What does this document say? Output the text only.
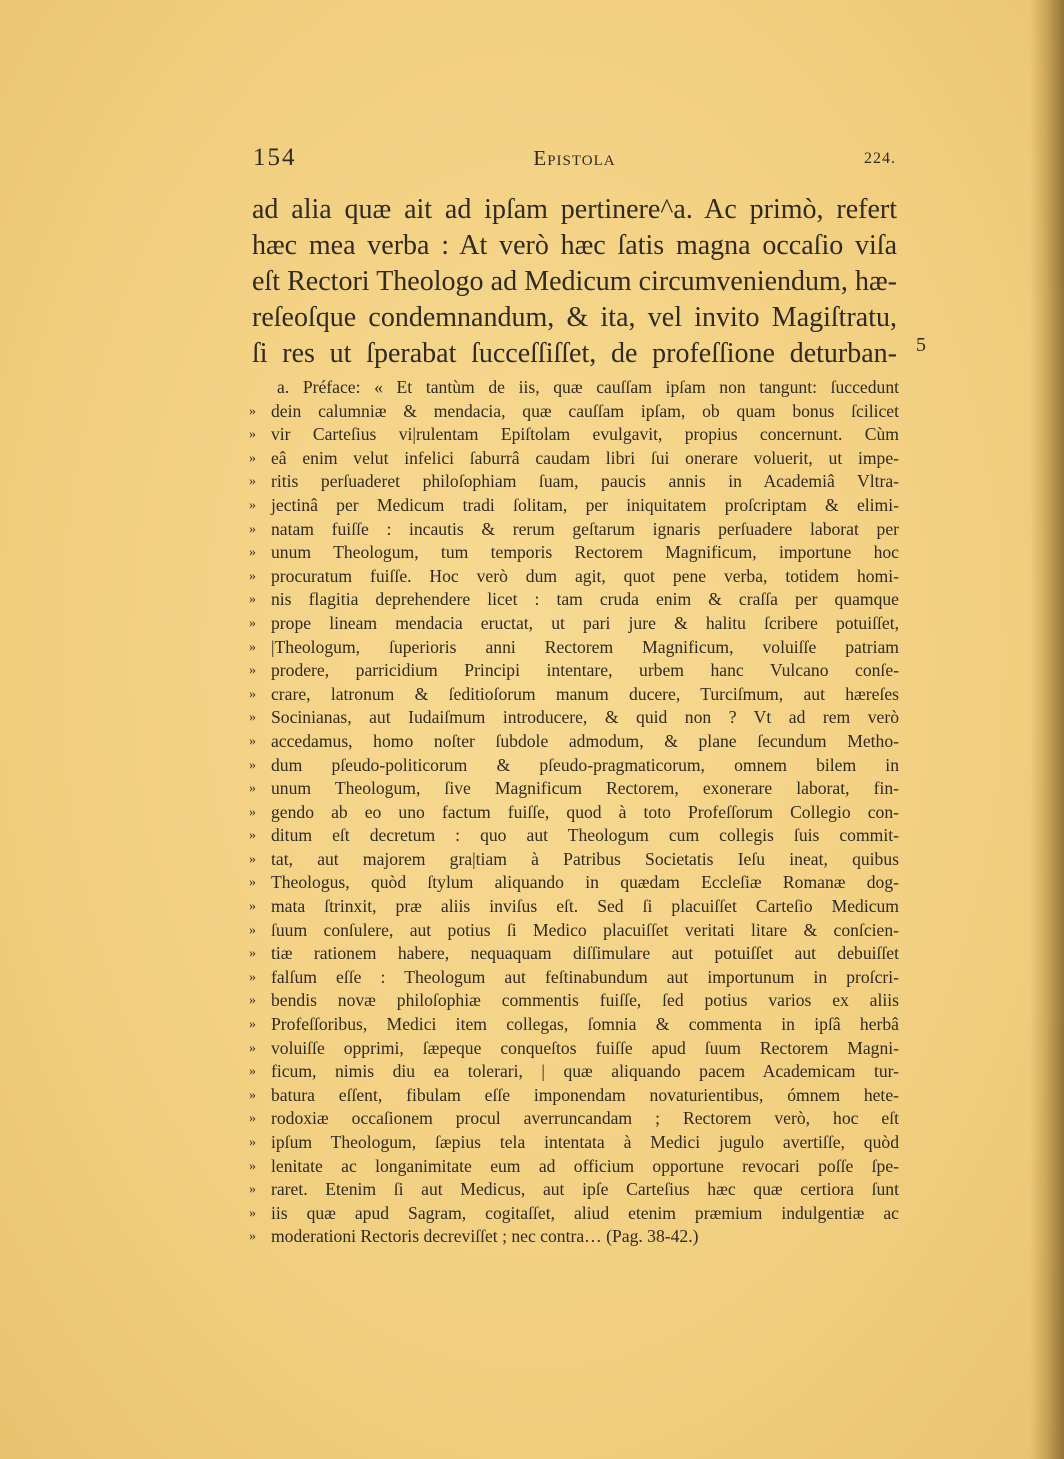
154	Epistola	224.
ad alia quæ ait ad ipſam pertinere^a. Ac primò, refert
hæc mea verba : At verò hæc ſatis magna occaſio viſa
eſt Rectori Theologo ad Medicum circumveniendum, hæ-
reſeoſque condemnandum, & ita, vel invito Magiſtratu,
ſi res ut ſperabat ſucceſſiſſet, de profeſſione deturban- 5
a. Préface: « Et tantùm de iis, quæ cauſſam ipſam non tangunt: ſuccedunt
» dein calumniæ & mendacia, quæ cauſſam ipſam, ob quam bonus ſcilicet
» vir Carteſius vi|rulentam Epiſtolam evulgavit, propius concernunt. Cùm
» eâ enim velut infelici ſaburrâ caudam libri ſui onerare voluerit, ut impe-
» ritis perſuaderet philoſophiam ſuam, paucis annis in Academiâ Vltra-
» jectinâ per Medicum tradi ſolitam, per iniquitatem proſcriptam & elimi-
» natam fuiſſe : incautis & rerum geſtarum ignaris perſuadere laborat per
» unum Theologum, tum temporis Rectorem Magnificum, importune hoc
» procuratum fuiſſe. Hoc verò dum agit, quot pene verba, totidem homi-
» nis flagitia deprehendere licet : tam cruda enim & craſſa per quamque
» prope lineam mendacia eructat, ut pari jure & halitu ſcribere potuiſſet,
» |Theologum, ſuperioris anni Rectorem Magnificum, voluiſſe patriam
» prodere, parricidium Principi intentare, urbem hanc Vulcano conſe-
» crare, latronum & ſeditioſorum manum ducere, Turciſmum, aut hæreſes
» Socinianas, aut Iudaiſmum introducere, & quid non ? Vt ad rem verò
» accedamus, homo noſter ſubdole admodum, & plane ſecundum Metho-
» dum pſeudo-politicorum & pſeudo-pragmaticorum, omnem bilem in
» unum Theologum, ſive Magnificum Rectorem, exonerare laborat, fin-
» gendo ab eo uno factum fuiſſe, quod à toto Profeſſorum Collegio con-
» ditum eſt decretum : quo aut Theologum cum collegis ſuis commit-
» tat, aut majorem gra|tiam à Patribus Societatis Ieſu ineat, quibus
» Theologus, quòd ſtylum aliquando in quædam Eccleſiæ Romanæ dog-
» mata ſtrinxit, præ aliis inviſus eſt. Sed ſi placuiſſet Carteſio Medicum
» ſuum conſulere, aut potius ſi Medico placuiſſet veritati litare & conſcien-
» tiæ rationem habere, nequaquam diſſimulare aut potuiſſet aut debuiſſet
» falſum eſſe : Theologum aut feſtinabundum aut importunum in proſcri-
» bendis novæ philoſophiæ commentis fuiſſe, ſed potius varios ex aliis
» Profeſſoribus, Medici item collegas, ſomnia & commenta in ipſâ herbâ
» voluiſſe opprimi, ſæpeque conqueſtos fuiſſe apud ſuum Rectorem Magni-
» ficum, nimis diu ea tolerari, | quæ aliquando pacem Academicam tur-
» batura eſſent, fibulam eſſe imponendam novaturientibus, ómnem hete-
» rodoxiæ occaſionem procul averruncandam ; Rectorem verò, hoc eſt
» ipſum Theologum, ſæpius tela intentata à Medici jugulo avertiſſe, quòd
» lenitate ac longanimitate eum ad officium opportune revocari poſſe ſpe-
» raret. Etenim ſi aut Medicus, aut ipſe Carteſius hæc quæ certiora ſunt
» iis quæ apud Sagram, cogitaſſet, aliud etenim præmium indulgentiæ ac
» moderationi Rectoris decreviſſet ; nec contra… (Pag. 38-42.)
